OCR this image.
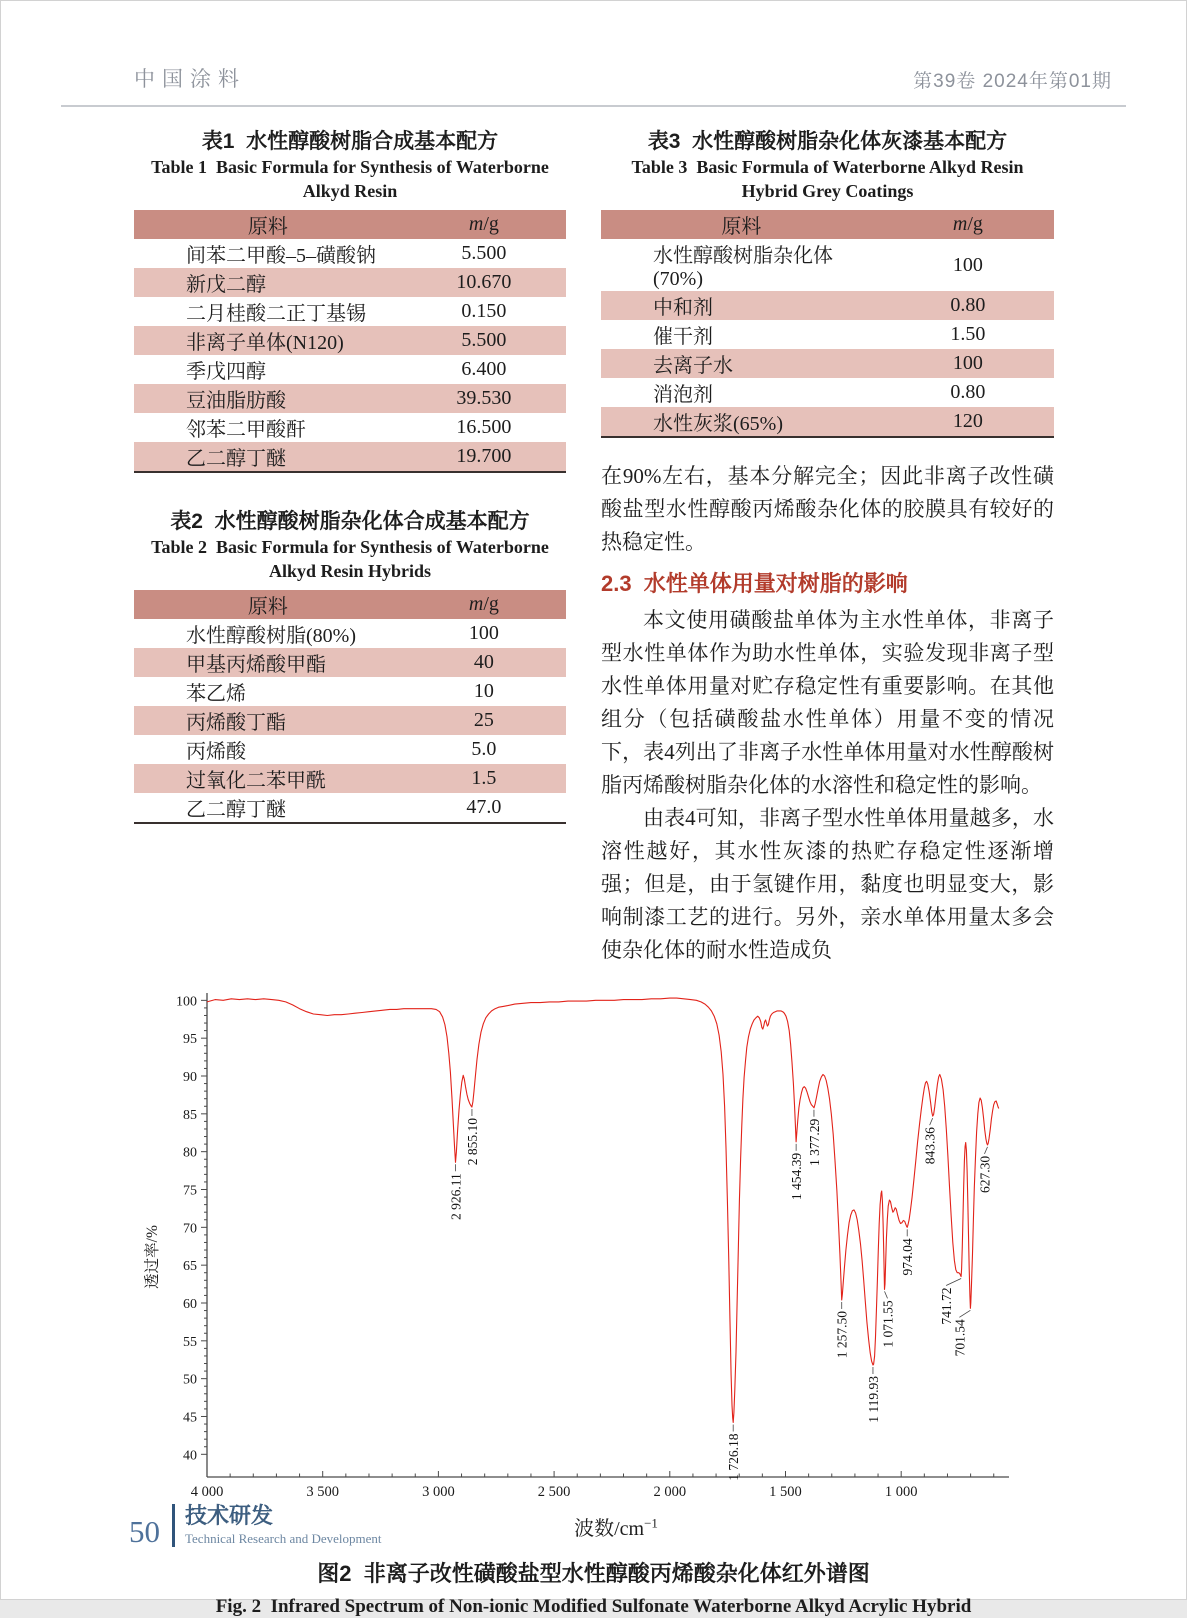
中国涂料	第39卷 2024年第01期
表1  水性醇酸树脂合成基本配方
Table 1  Basic Formula for Synthesis of Waterborne
Alkyd Resin
原料	m/g
间苯二甲酸–5–磺酸钠	5.500
新戊二醇	10.670
二月桂酸二正丁基锡	0.150
非离子单体(N120)	5.500
季戊四醇	6.400
豆油脂肪酸	39.530
邻苯二甲酸酐	16.500
乙二醇丁醚	19.700
表2  水性醇酸树脂杂化体合成基本配方
Table 2  Basic Formula for Synthesis of Waterborne
Alkyd Resin Hybrids
原料	m/g
水性醇酸树脂(80%)	100
甲基丙烯酸甲酯	40
苯乙烯	10
丙烯酸丁酯	25
丙烯酸	5.0
过氧化二苯甲酰	1.5
乙二醇丁醚	47.0
表3  水性醇酸树脂杂化体灰漆基本配方
Table 3  Basic Formula of Waterborne Alkyd Resin
Hybrid Grey Coatings
原料	m/g
水性醇酸树脂杂化体(70%)	100
中和剂	0.80
催干剂	1.50
去离子水	100
消泡剂	0.80
水性灰浆(65%)	120

在90%左右，基本分解完全；因此非离子改性磺酸盐型水性醇酸丙烯酸杂化体的胶膜具有较好的热稳定性。

2.3  水性单体用量对树脂的影响

本文使用磺酸盐单体为主水性单体，非离子型水性单体作为助水性单体，实验发现非离子型水性单体用量对贮存稳定性有重要影响。在其他组分（包括磺酸盐水性单体）用量不变的情况下，表4列出了非离子水性单体用量对水性醇酸树脂丙烯酸树脂杂化体的水溶性和稳定性的影响。

由表4可知，非离子型水性单体用量越多，水溶性越好，其水性灰漆的热贮存稳定性逐渐增强；但是，由于氢键作用，黏度也明显变大，影响制漆工艺的进行。另外，亲水单体用量太多会使杂化体的耐水性造成负

40
45
50
55
60
65
70
75
80
85
90
95
100
1 000
1 500
2 000
2 500
3 000
3 500
4 000
透过率/%
2 926.11
2 855.10
1 726.18
1 454.39
1 377.29
1 257.50
1 119.93
1 071.55
974.04
843.36
741.72
701.54
627.30
波数$/cm^{-1}$
图2  非离子改性磺酸盐型水性醇酸丙烯酸杂化体红外谱图
Fig. 2  Infrared Spectrum of Non-ionic Modified Sulfonate Waterborne Alkyd Acrylic Hybrid
50 技术研发
Technical Research and Development
